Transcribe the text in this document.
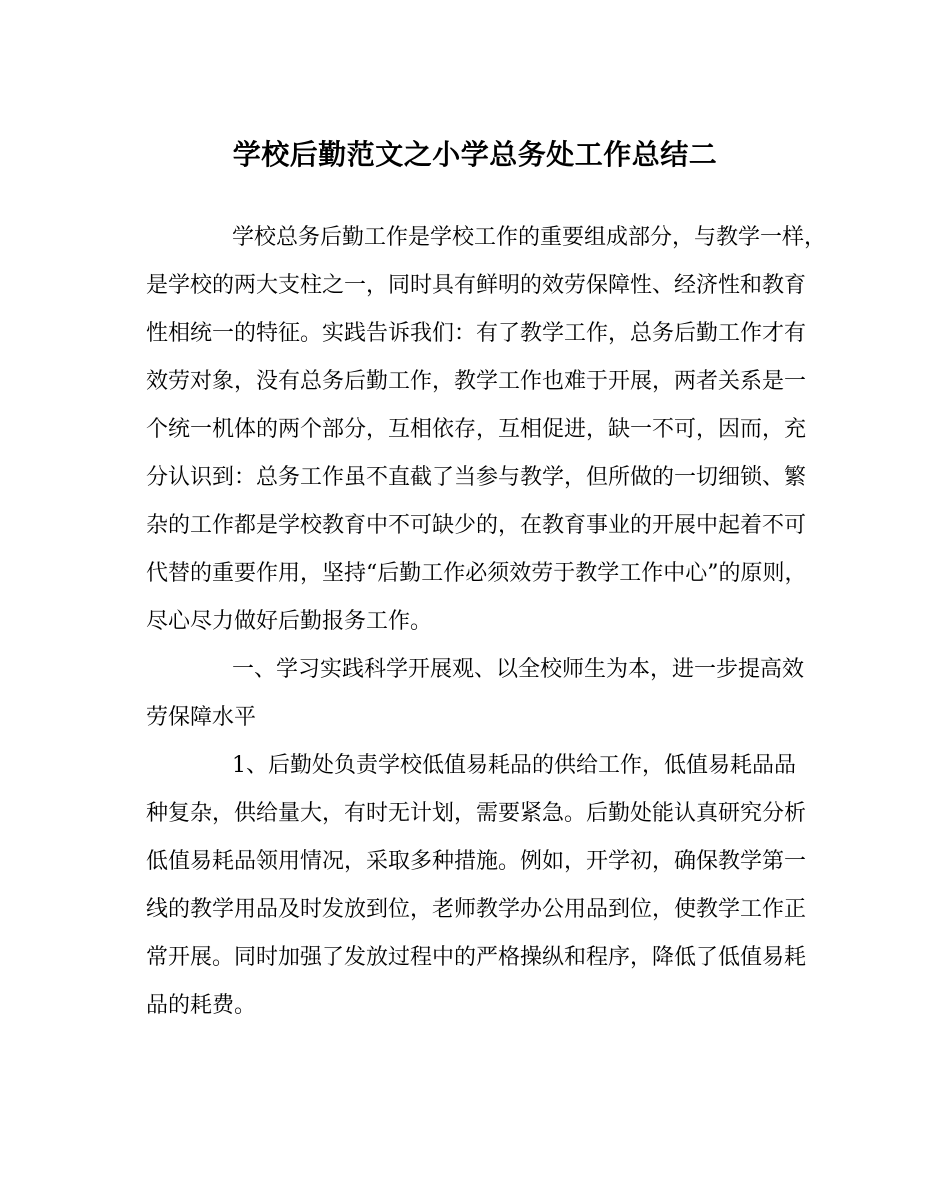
学校后勤范文之小学总务处工作总结二
学校总务后勤工作是学校工作的重要组成部分，与教学一样，
是学校的两大支柱之一，同时具有鲜明的效劳保障性、经济性和教育
性相统一的特征。实践告诉我们：有了教学工作，总务后勤工作才有
效劳对象，没有总务后勤工作，教学工作也难于开展，两者关系是一
个统一机体的两个部分，互相依存，互相促进，缺一不可，因而，充
分认识到：总务工作虽不直截了当参与教学，但所做的一切细锁、繁
杂的工作都是学校教育中不可缺少的，在教育事业的开展中起着不可
代替的重要作用，坚持“后勤工作必须效劳于教学工作中心”的原则，
尽心尽力做好后勤报务工作。
一、学习实践科学开展观、以全校师生为本，进一步提高效
劳保障水平
1、后勤处负责学校低值易耗品的供给工作，低值易耗品品
种复杂，供给量大，有时无计划，需要紧急。后勤处能认真研究分析
低值易耗品领用情况，采取多种措施。例如，开学初，确保教学第一
线的教学用品及时发放到位，老师教学办公用品到位，使教学工作正
常开展。同时加强了发放过程中的严格操纵和程序，降低了低值易耗
品的耗费。
